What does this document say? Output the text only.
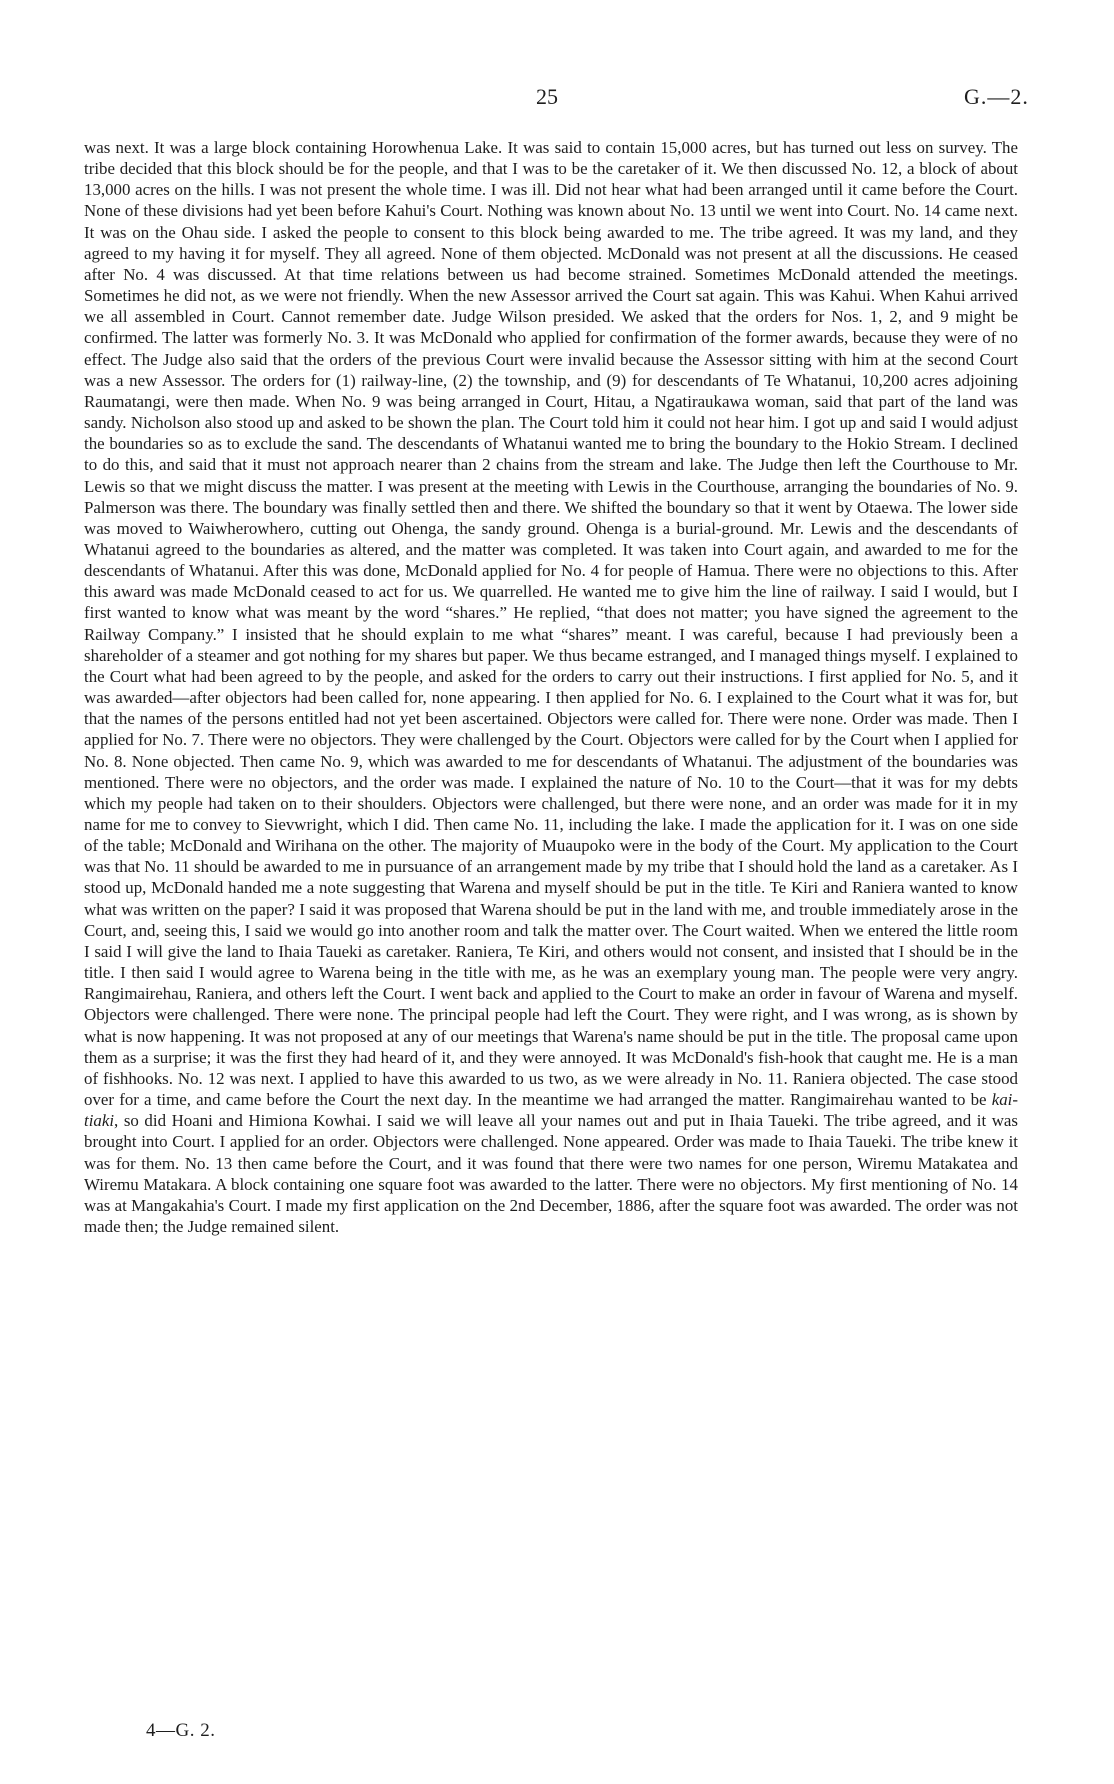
25	G.—2.

was next. It was a large block containing Horowhenua Lake. It was said to contain 15,000 acres, but has turned out less on survey. The tribe decided that this block should be for the people, and that I was to be the caretaker of it. We then discussed No. 12, a block of about 13,000 acres on the hills. I was not present the whole time. I was ill. Did not hear what had been arranged until it came before the Court. None of these divisions had yet been before Kahui's Court. Nothing was known about No. 13 until we went into Court. No. 14 came next. It was on the Ohau side. I asked the people to consent to this block being awarded to me. The tribe agreed. It was my land, and they agreed to my having it for myself. They all agreed. None of them objected. McDonald was not present at all the discussions. He ceased after No. 4 was discussed. At that time relations between us had become strained. Sometimes McDonald attended the meetings. Sometimes he did not, as we were not friendly. When the new Assessor arrived the Court sat again. This was Kahui. When Kahui arrived we all assembled in Court. Cannot remember date. Judge Wilson presided. We asked that the orders for Nos. 1, 2, and 9 might be confirmed. The latter was formerly No. 3. It was McDonald who applied for confirmation of the former awards, because they were of no effect. The Judge also said that the orders of the previous Court were invalid because the Assessor sitting with him at the second Court was a new Assessor. The orders for (1) railway-line, (2) the township, and (9) for descendants of Te Whatanui, 10,200 acres adjoining Raumatangi, were then made. When No. 9 was being arranged in Court, Hitau, a Ngatiraukawa woman, said that part of the land was sandy. Nicholson also stood up and asked to be shown the plan. The Court told him it could not hear him. I got up and said I would adjust the boundaries so as to exclude the sand. The descendants of Whatanui wanted me to bring the boundary to the Hokio Stream. I declined to do this, and said that it must not approach nearer than 2 chains from the stream and lake. The Judge then left the Courthouse to Mr. Lewis so that we might discuss the matter. I was present at the meeting with Lewis in the Courthouse, arranging the boundaries of No. 9. Palmerson was there. The boundary was finally settled then and there. We shifted the boundary so that it went by Otaewa. The lower side was moved to Waiwherowhero, cutting out Ohenga, the sandy ground. Ohenga is a burial-ground. Mr. Lewis and the descendants of Whatanui agreed to the boundaries as altered, and the matter was completed. It was taken into Court again, and awarded to me for the descendants of Whatanui. After this was done, McDonald applied for No. 4 for people of Hamua. There were no objections to this. After this award was made McDonald ceased to act for us. We quarrelled. He wanted me to give him the line of railway. I said I would, but I first wanted to know what was meant by the word “shares.” He replied, “that does not matter; you have signed the agreement to the Railway Company.” I insisted that he should explain to me what “shares” meant. I was careful, because I had previously been a shareholder of a steamer and got nothing for my shares but paper. We thus became estranged, and I managed things myself. I explained to the Court what had been agreed to by the people, and asked for the orders to carry out their instructions. I first applied for No. 5, and it was awarded—after objectors had been called for, none appearing. I then applied for No. 6. I explained to the Court what it was for, but that the names of the persons entitled had not yet been ascertained. Objectors were called for. There were none. Order was made. Then I applied for No. 7. There were no objectors. They were challenged by the Court. Objectors were called for by the Court when I applied for No. 8. None objected. Then came No. 9, which was awarded to me for descendants of Whatanui. The adjustment of the boundaries was mentioned. There were no objectors, and the order was made. I explained the nature of No. 10 to the Court—that it was for my debts which my people had taken on to their shoulders. Objectors were challenged, but there were none, and an order was made for it in my name for me to convey to Sievwright, which I did. Then came No. 11, including the lake. I made the application for it. I was on one side of the table; McDonald and Wirihana on the other. The majority of Muaupoko were in the body of the Court. My application to the Court was that No. 11 should be awarded to me in pursuance of an arrangement made by my tribe that I should hold the land as a caretaker. As I stood up, McDonald handed me a note suggesting that Warena and myself should be put in the title. Te Kiri and Raniera wanted to know what was written on the paper? I said it was proposed that Warena should be put in the land with me, and trouble immediately arose in the Court, and, seeing this, I said we would go into another room and talk the matter over. The Court waited. When we entered the little room I said I will give the land to Ihaia Taueki as caretaker. Raniera, Te Kiri, and others would not consent, and insisted that I should be in the title. I then said I would agree to Warena being in the title with me, as he was an exemplary young man. The people were very angry. Rangimairehau, Raniera, and others left the Court. I went back and applied to the Court to make an order in favour of Warena and myself. Objectors were challenged. There were none. The principal people had left the Court. They were right, and I was wrong, as is shown by what is now happening. It was not proposed at any of our meetings that Warena's name should be put in the title. The proposal came upon them as a surprise; it was the first they had heard of it, and they were annoyed. It was McDonald's fish-hook that caught me. He is a man of fishhooks. No. 12 was next. I applied to have this awarded to us two, as we were already in No. 11. Raniera objected. The case stood over for a time, and came before the Court the next day. In the meantime we had arranged the matter. Rangimairehau wanted to be kai-tiaki, so did Hoani and Himiona Kowhai. I said we will leave all your names out and put in Ihaia Taueki. The tribe agreed, and it was brought into Court. I applied for an order. Objectors were challenged. None appeared. Order was made to Ihaia Taueki. The tribe knew it was for them. No. 13 then came before the Court, and it was found that there were two names for one person, Wiremu Matakatea and Wiremu Matakara. A block containing one square foot was awarded to the latter. There were no objectors. My first mentioning of No. 14 was at Mangakahia's Court. I made my first application on the 2nd December, 1886, after the square foot was awarded. The order was not made then; the Judge remained silent.

4—G. 2.
